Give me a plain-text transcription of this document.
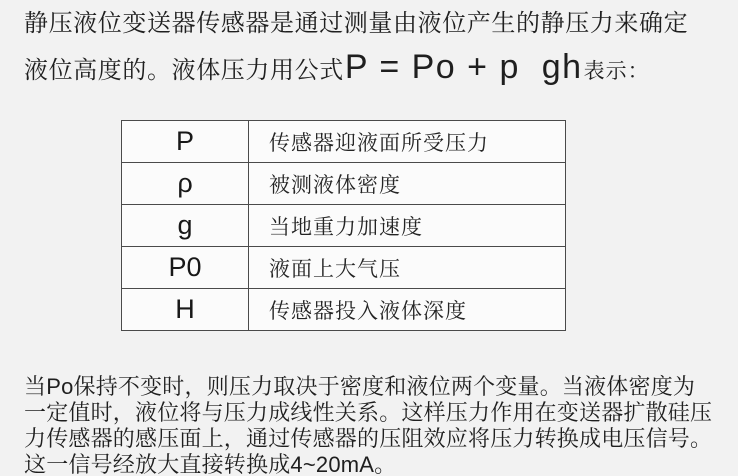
静压液位变送器传感器是通过测量由液位产生的静压力来确定
液位高度的。液体压力用公式 P = Po + p  gh 表示：
P	传感器迎液面所受压力
ρ	被测液体密度
g	当地重力加速度
P0	液面上大气压
H	传感器投入液体深度
当Po保持不变时，则压力取决于密度和液位两个变量。当液体密度为
一定值时，液位将与压力成线性关系。这样压力作用在变送器扩散硅压
力传感器的感压面上，通过传感器的压阻效应将压力转换成电压信号。
这一信号经放大直接转换成4~20mA。
